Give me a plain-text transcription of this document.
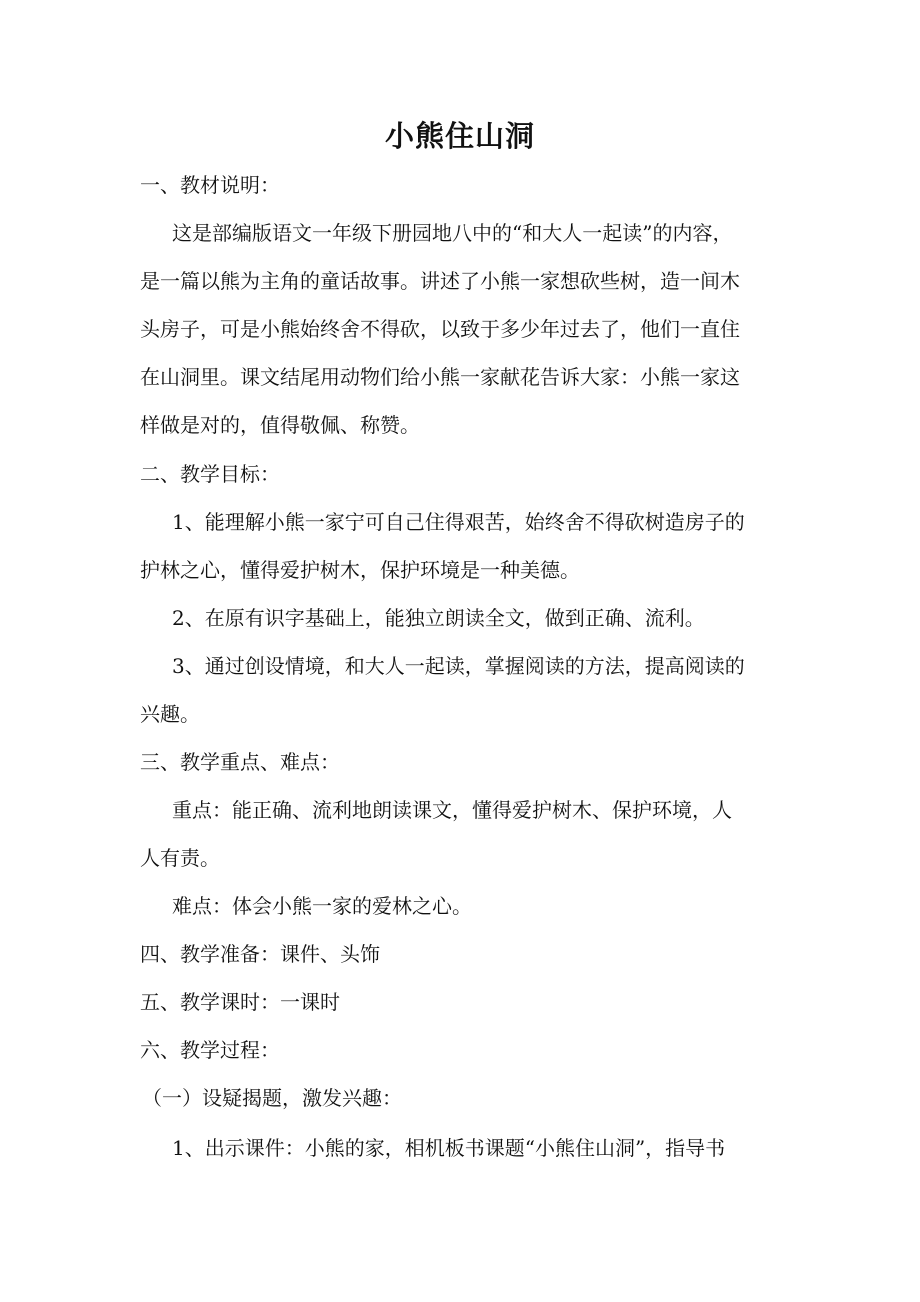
小熊住山洞
一、教材说明：
这是部编版语文一年级下册园地八中的“和大人一起读”的内容，
是一篇以熊为主角的童话故事。讲述了小熊一家想砍些树，造一间木
头房子，可是小熊始终舍不得砍，以致于多少年过去了，他们一直住
在山洞里。课文结尾用动物们给小熊一家献花告诉大家：小熊一家这
样做是对的，值得敬佩、称赞。
二、教学目标：
1、能理解小熊一家宁可自己住得艰苦，始终舍不得砍树造房子的
护林之心，懂得爱护树木，保护环境是一种美德。
2、在原有识字基础上，能独立朗读全文，做到正确、流利。
3、通过创设情境，和大人一起读，掌握阅读的方法，提高阅读的
兴趣。
三、教学重点、难点：
重点：能正确、流利地朗读课文，懂得爱护树木、保护环境，人
人有责。
难点：体会小熊一家的爱林之心。
四、教学准备：课件、头饰
五、教学课时：一课时
六、教学过程：
（一）设疑揭题，激发兴趣：
1、出示课件：小熊的家，相机板书课题“小熊住山洞”，指导书
